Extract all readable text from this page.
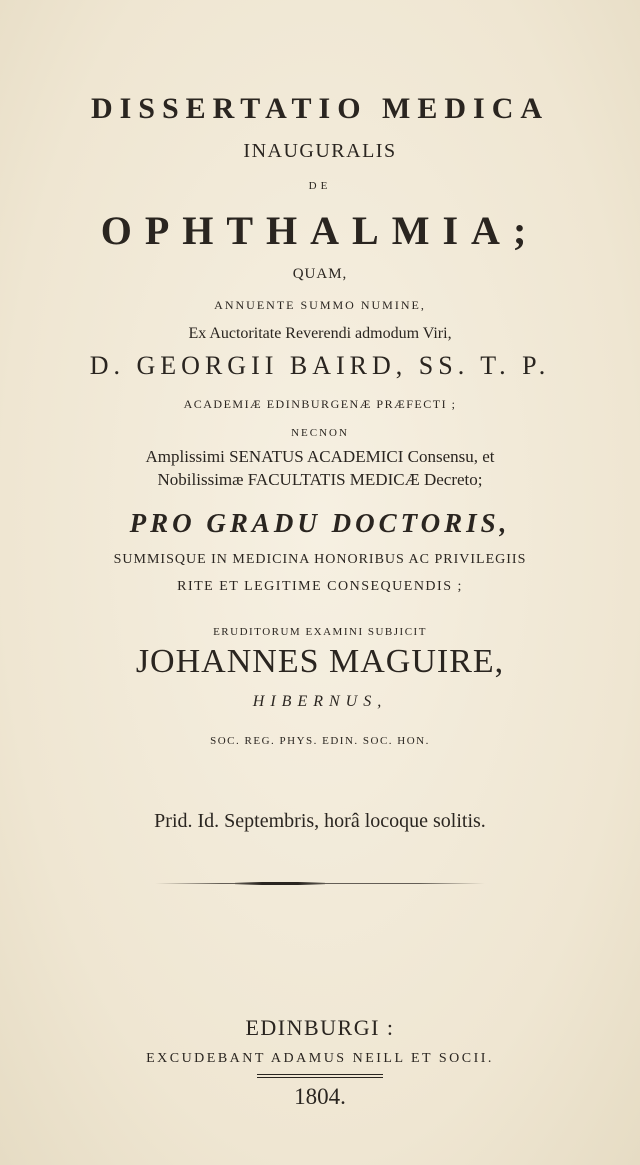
DISSERTATIO MEDICA
INAUGURALIS
DE
OPHTHALMIA;
QUAM,
ANNUENTE SUMMO NUMINE,
Ex Auctoritate Reverendi admodum Viri,
D. GEORGII BAIRD, SS. T. P.
ACADEMIÆ EDINBURGENÆ PRÆFECTI ;
NECNON
Amplissimi SENATUS ACADEMICI Consensu, et
Nobilissimæ FACULTATIS MEDICÆ Decreto;
PRO GRADU DOCTORIS,
SUMMISQUE IN MEDICINA HONORIBUS AC PRIVILEGIIS
RITE ET LEGITIME CONSEQUENDIS ;
ERUDITORUM EXAMINI SUBJICIT
JOHANNES MAGUIRE,
HIBERNUS,
SOC. REG. PHYS. EDIN. SOC. HON.
Prid. Id. Septembris, horâ locoque solitis.
EDINBURGI :
EXCUDEBANT ADAMUS NEILL ET SOCII.
1804.
